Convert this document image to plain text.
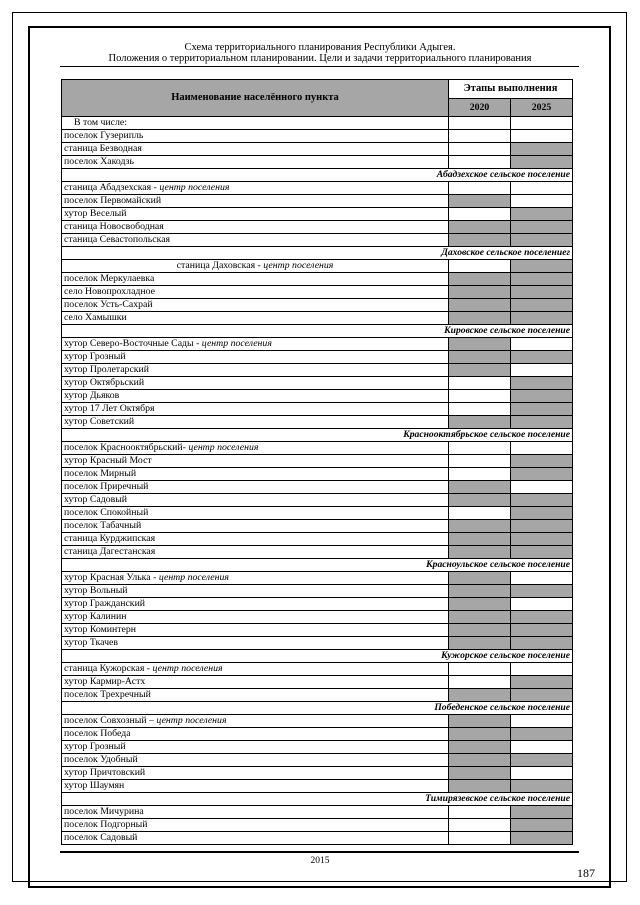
Схема территориального планирования Республики Адыгея.
Положения о территориальном планировании. Цели и задачи территориального планирования
Наименование населённого пункта	Этапы выполнения	
	2020	2025
В том числе:		
поселок Гузерипль		
станица Безводная		
поселок Хакодзь		
Абадзехское сельское поселение		
станица Абадзехская - центр поселения		
поселок Первомайский		
хутор Веселый		
станица Новосвободная		
станица Севастопольская		
Даховское сельское поселениег		
станица Даховская - центр поселения		
поселок Меркулаевка		
село Новопрохладное		
поселок Усть-Сахрай		
село Хамышки		
Кировское сельское поселение		
хутор Северо-Восточные Сады - центр поселения		
хутор Грозный		
хутор Пролетарский		
хутор Октябрьский		
хутор Дьяков		
хутор 17 Лет Октября		
хутор Советский		
Краснооктябрьское сельское поселение		
поселок Краснооктябрьский- центр поселения		
хутор Красный Мост		
поселок Мирный		
поселок Приречный		
хутор Садовый		
поселок Спокойный		
поселок Табачный		
станица Курджипская		
станица Дагестанская		
Красноульское сельское поселение		
хутор Красная Улька - центр поселения		
хутор Вольный		
хутор Гражданский		
хутор Калинин		
хутор Коминтерн		
хутор Ткачев		
Кужорское сельское поселение		
станица Кужорская - центр поселения		
хутор Кармир-Астх		
поселок Трехречный		
Победенское сельское поселение		
поселок Совхозный – центр поселения		
поселок Победа		
хутор Грозный		
поселок Удобный		
хутор Причтовский		
хутор Шаумян		
Тимирязевское сельское поселение		
поселок Мичурина		
поселок Подгорный		
поселок Садовый		
2015
187
